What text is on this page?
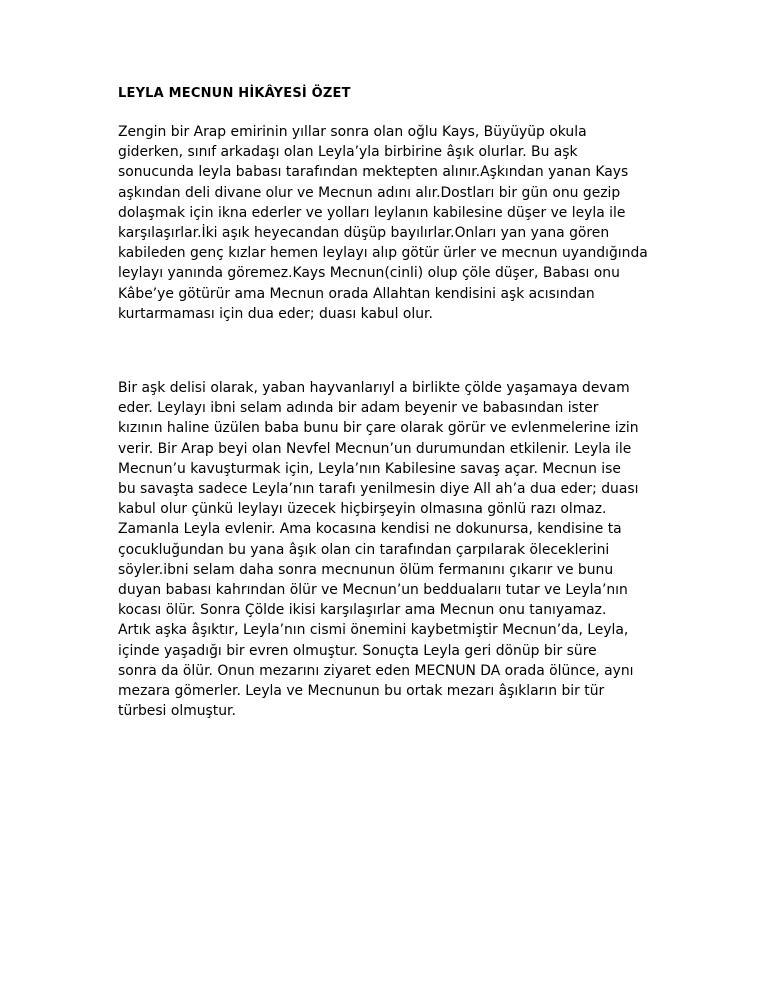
LEYLA MECNUN HİKÂYESİ ÖZET

Zengin bir Arap emirinin yıllar sonra olan oğlu Kays, Büyüyüp okula
giderken, sınıf arkadaşı olan Leyla’yla birbirine âşık olurlar. Bu aşk
sonucunda leyla babası tarafından mektepten alınır.Aşkından yanan Kays
aşkından deli divane olur ve Mecnun adını alır.Dostları bir gün onu gezip
dolaşmak için ikna ederler ve yolları leylanın kabilesine düşer ve leyla ile
karşılaşırlar.İki aşık heyecandan düşüp bayılırlar.Onları yan yana gören
kabileden genç kızlar hemen leylayı alıp götür ürler ve mecnun uyandığında
leylayı yanında göremez.Kays Mecnun(cinli) olup çöle düşer, Babası onu
Kâbe’ye götürür ama Mecnun orada Allahtan kendisini aşk acısından
kurtarmaması için dua eder; duası kabul olur.

Bir aşk delisi olarak, yaban hayvanlarıyl a birlikte çölde yaşamaya devam
eder. Leylayı ibni selam adında bir adam beyenir ve babasından ister
kızının haline üzülen baba bunu bir çare olarak görür ve evlenmelerine izin
verir. Bir Arap beyi olan Nevfel Mecnun’un durumundan etkilenir. Leyla ile
Mecnun’u kavuşturmak için, Leyla’nın Kabilesine savaş açar. Mecnun ise
bu savaşta sadece Leyla’nın tarafı yenilmesin diye All ah’a dua eder; duası
kabul olur çünkü leylayı üzecek hiçbirşeyin olmasına gönlü razı olmaz.
Zamanla Leyla evlenir. Ama kocasına kendisi ne dokunursa, kendisine ta
çocukluğundan bu yana âşık olan cin tarafından çarpılarak öleceklerini
söyler.ibni selam daha sonra mecnunun ölüm fermanını çıkarır ve bunu
duyan babası kahrından ölür ve Mecnun’un beddualarıı tutar ve Leyla’nın
kocası ölür. Sonra Çölde ikisi karşılaşırlar ama Mecnun onu tanıyamaz.
Artık aşka âşıktır, Leyla’nın cismi önemini kaybetmiştir Mecnun’da, Leyla,
içinde yaşadığı bir evren olmuştur. Sonuçta Leyla geri dönüp bir süre
sonra da ölür. Onun mezarını ziyaret eden MECNUN DA orada ölünce, aynı
mezara gömerler. Leyla ve Mecnunun bu ortak mezarı âşıkların bir tür
türbesi olmuştur.
